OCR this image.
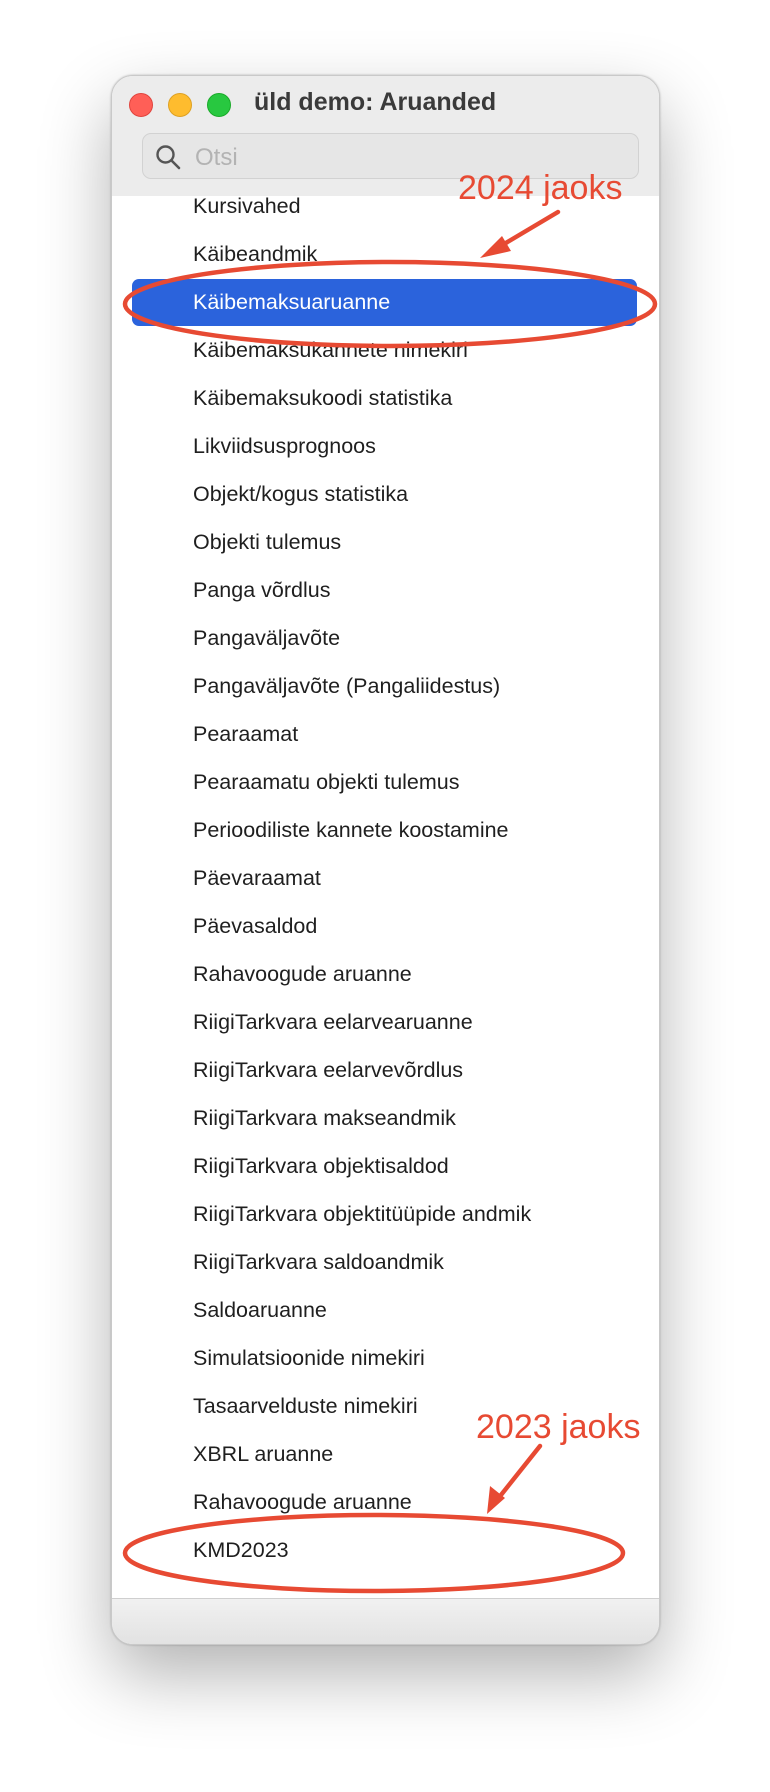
üld demo: Aruanded
Otsi
Kursivahed
Käibeandmik
Käibemaksuaruanne
Käibemaksukannete nimekiri
Käibemaksukoodi statistika
Likviidsusprognoos
Objekt/kogus statistika
Objekti tulemus
Panga võrdlus
Pangaväljavõte
Pangaväljavõte (Pangaliidestus)
Pearaamat
Pearaamatu objekti tulemus
Perioodiliste kannete koostamine
Päevaraamat
Päevasaldod
Rahavoogude aruanne
RiigiTarkvara eelarvearuanne
RiigiTarkvara eelarvevõrdlus
RiigiTarkvara makseandmik
RiigiTarkvara objektisaldod
RiigiTarkvara objektitüüpide andmik
RiigiTarkvara saldoandmik
Saldoaruanne
Simulatsioonide nimekiri
Tasaarvelduste nimekiri
XBRL aruanne
Rahavoogude aruanne
KMD2023
2024 jaoks
2023 jaoks
